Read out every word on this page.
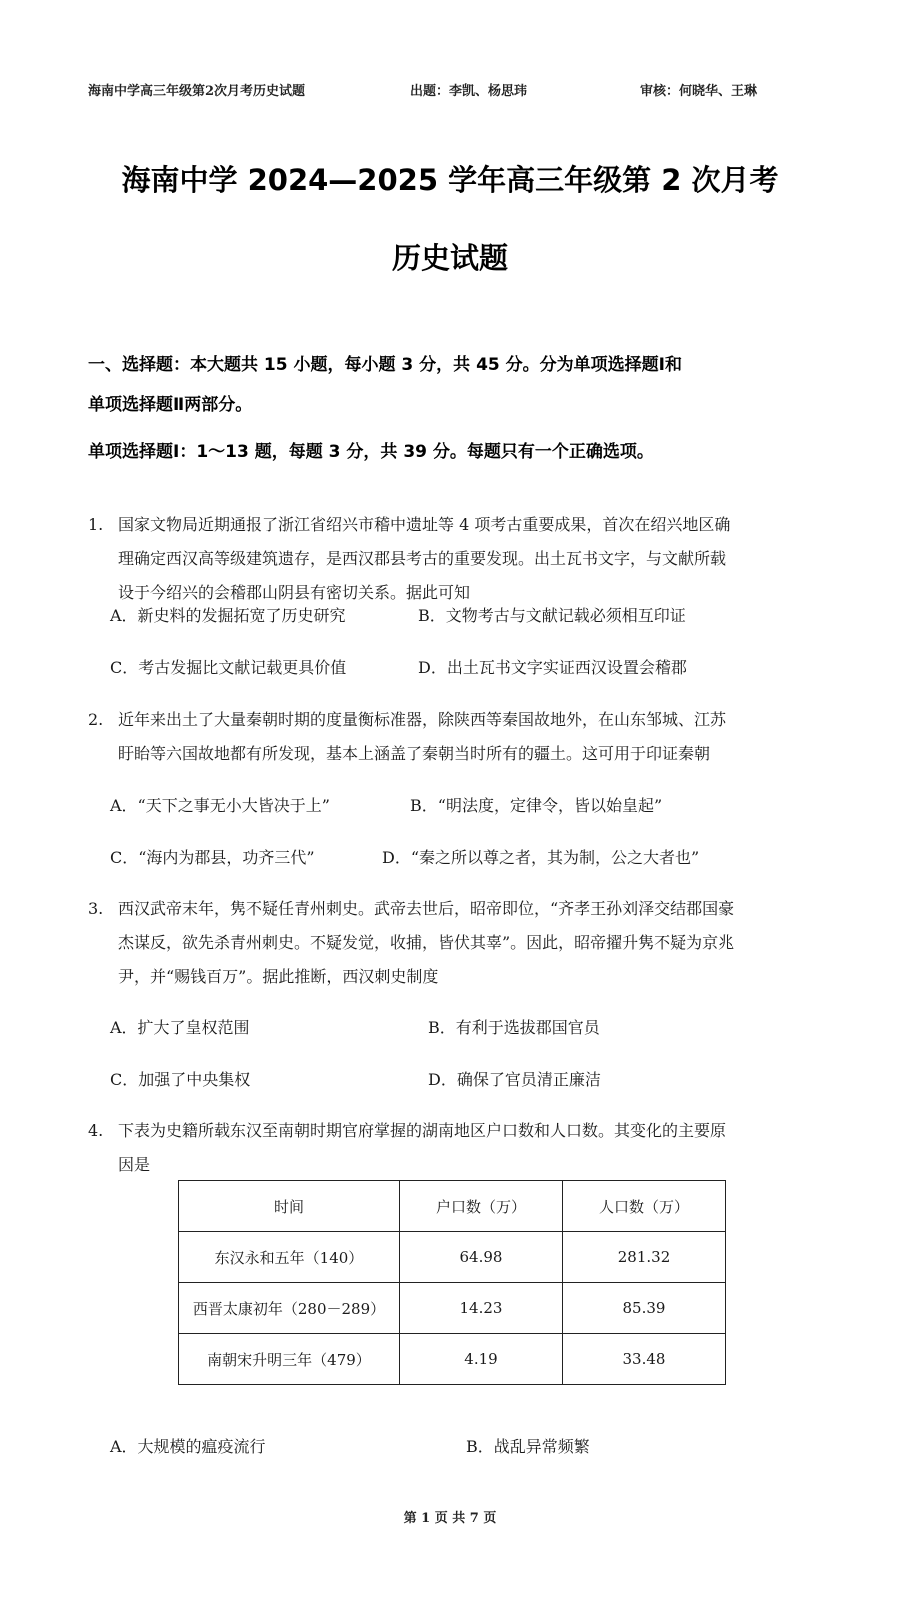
海南中学高三年级第2次月考历史试题	出题：李凯、杨思玮	审核：何晓华、王琳
海南中学 2024—2025 学年高三年级第 2 次月考
历史试题
一、选择题：本大题共 15 小题，每小题 3 分，共 45 分。分为单项选择题Ⅰ和
单项选择题Ⅱ两部分。
单项选择题Ⅰ：1～13 题，每题 3 分，共 39 分。每题只有一个正确选项。
1. 国家文物局近期通报了浙江省绍兴市稽中遗址等 4 项考古重要成果，首次在绍兴地区确
理确定西汉高等级建筑遗存，是西汉郡县考古的重要发现。出土瓦书文字，与文献所载
设于今绍兴的会稽郡山阴县有密切关系。据此可知
A．新史料的发掘拓宽了历史研究	B．文物考古与文献记载必须相互印证
C．考古发掘比文献记载更具价值	D．出土瓦书文字实证西汉设置会稽郡
2. 近年来出土了大量秦朝时期的度量衡标准器，除陕西等秦国故地外，在山东邹城、江苏
盱眙等六国故地都有所发现，基本上涵盖了秦朝当时所有的疆土。这可用于印证秦朝
A．“天下之事无小大皆决于上”	B．“明法度，定律令，皆以始皇起”
C．“海内为郡县，功齐三代”	D．“秦之所以尊之者，其为制，公之大者也”
3. 西汉武帝末年，隽不疑任青州刺史。武帝去世后，昭帝即位，“齐孝王孙刘泽交结郡国豪
杰谋反，欲先杀青州刺史。不疑发觉，收捕，皆伏其辜”。因此，昭帝擢升隽不疑为京兆
尹，并“赐钱百万”。据此推断，西汉刺史制度
A．扩大了皇权范围	B．有利于选拔郡国官员
C．加强了中央集权	D．确保了官员清正廉洁
4. 下表为史籍所载东汉至南朝时期官府掌握的湖南地区户口数和人口数。其变化的主要原
因是
时间	户口数（万）	人口数（万）
东汉永和五年（140）	64.98	281.32
西晋太康初年（280－289）	14.23	85.39
南朝宋升明三年（479）	4.19	33.48
A．大规模的瘟疫流行	B．战乱异常频繁
第 1 页 共 7 页
